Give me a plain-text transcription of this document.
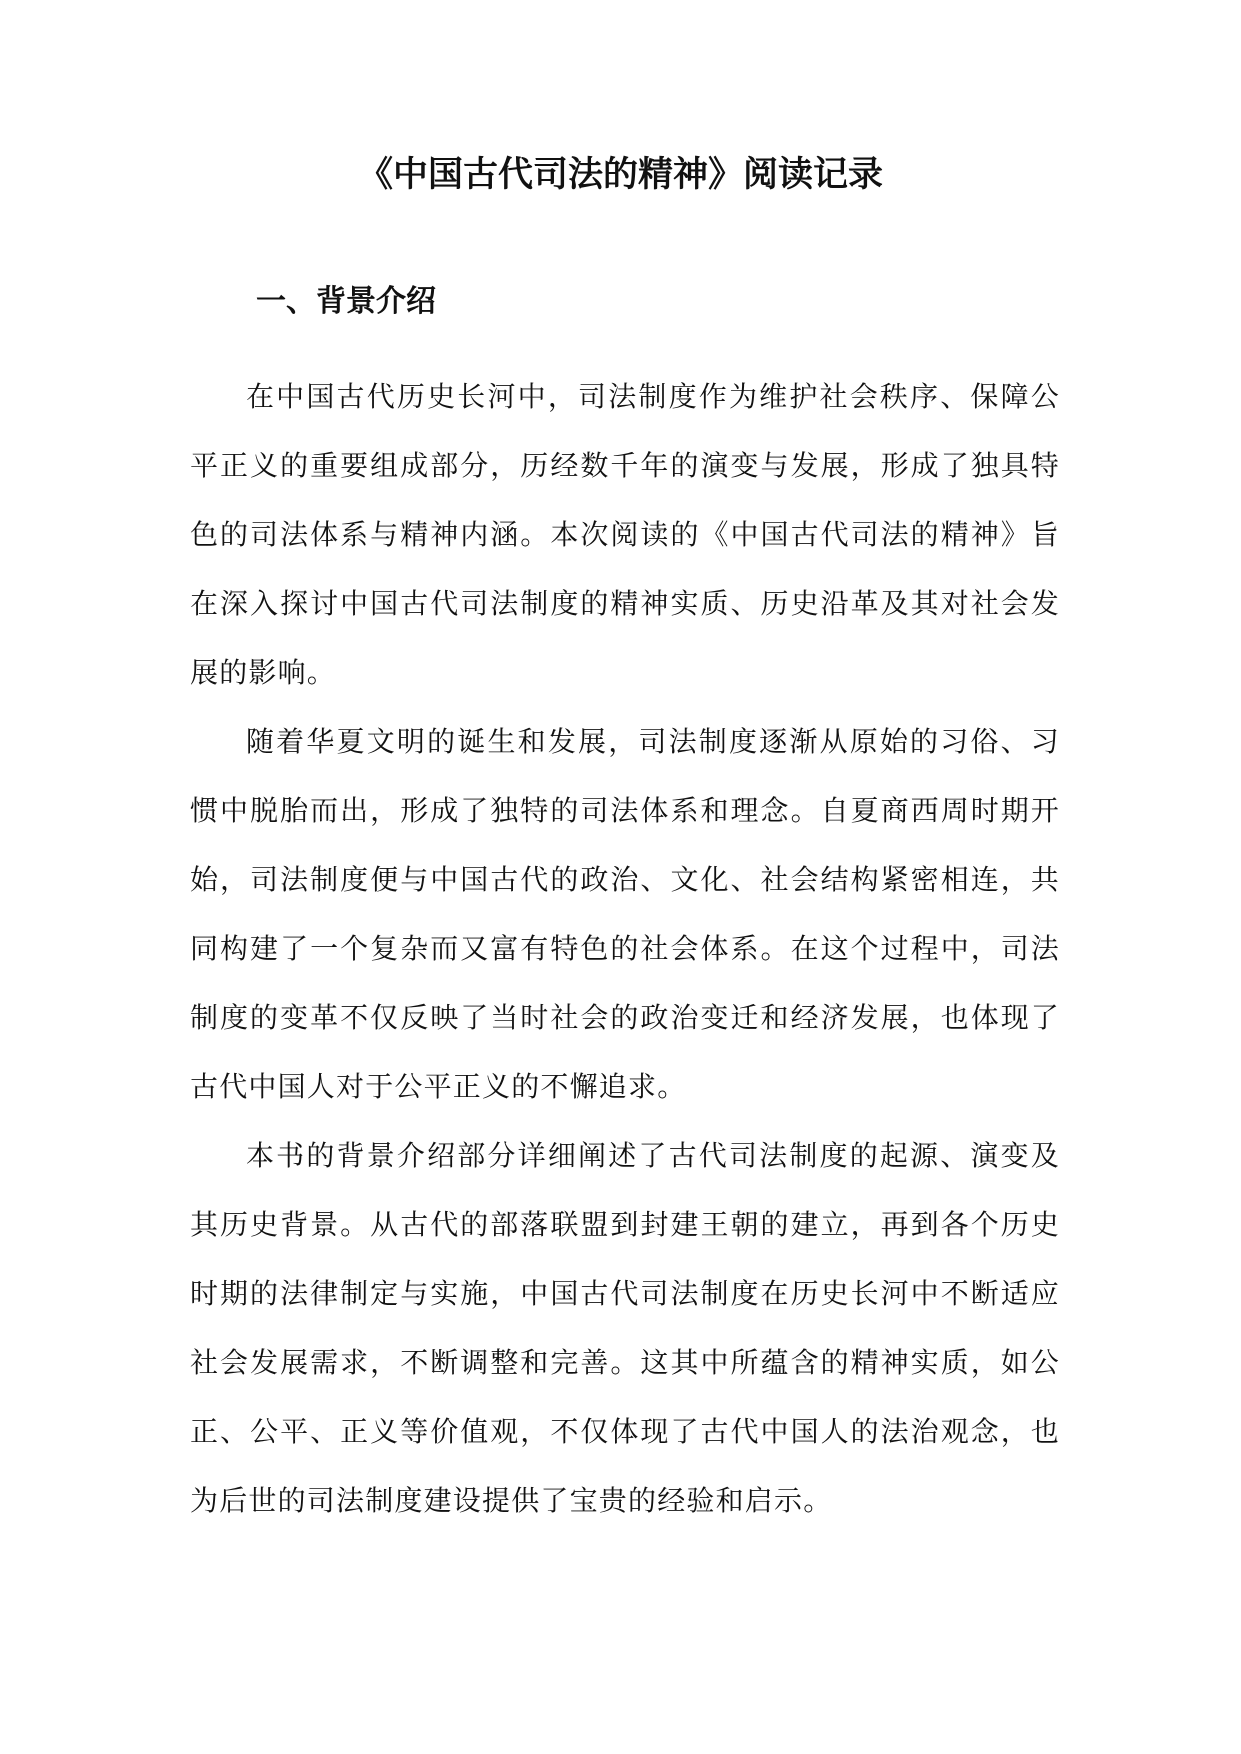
《中国古代司法的精神》阅读记录
一、背景介绍

在中国古代历史长河中，司法制度作为维护社会秩序、保障公平正义的重要组成部分，历经数千年的演变与发展，形成了独具特色的司法体系与精神内涵。本次阅读的《中国古代司法的精神》旨在深入探讨中国古代司法制度的精神实质、历史沿革及其对社会发展的影响。

随着华夏文明的诞生和发展，司法制度逐渐从原始的习俗、习惯中脱胎而出，形成了独特的司法体系和理念。自夏商西周时期开始，司法制度便与中国古代的政治、文化、社会结构紧密相连，共同构建了一个复杂而又富有特色的社会体系。在这个过程中，司法制度的变革不仅反映了当时社会的政治变迁和经济发展，也体现了古代中国人对于公平正义的不懈追求。

本书的背景介绍部分详细阐述了古代司法制度的起源、演变及其历史背景。从古代的部落联盟到封建王朝的建立，再到各个历史时期的法律制定与实施，中国古代司法制度在历史长河中不断适应社会发展需求，不断调整和完善。这其中所蕴含的精神实质，如公正、公平、正义等价值观，不仅体现了古代中国人的法治观念，也为后世的司法制度建设提供了宝贵的经验和启示。
